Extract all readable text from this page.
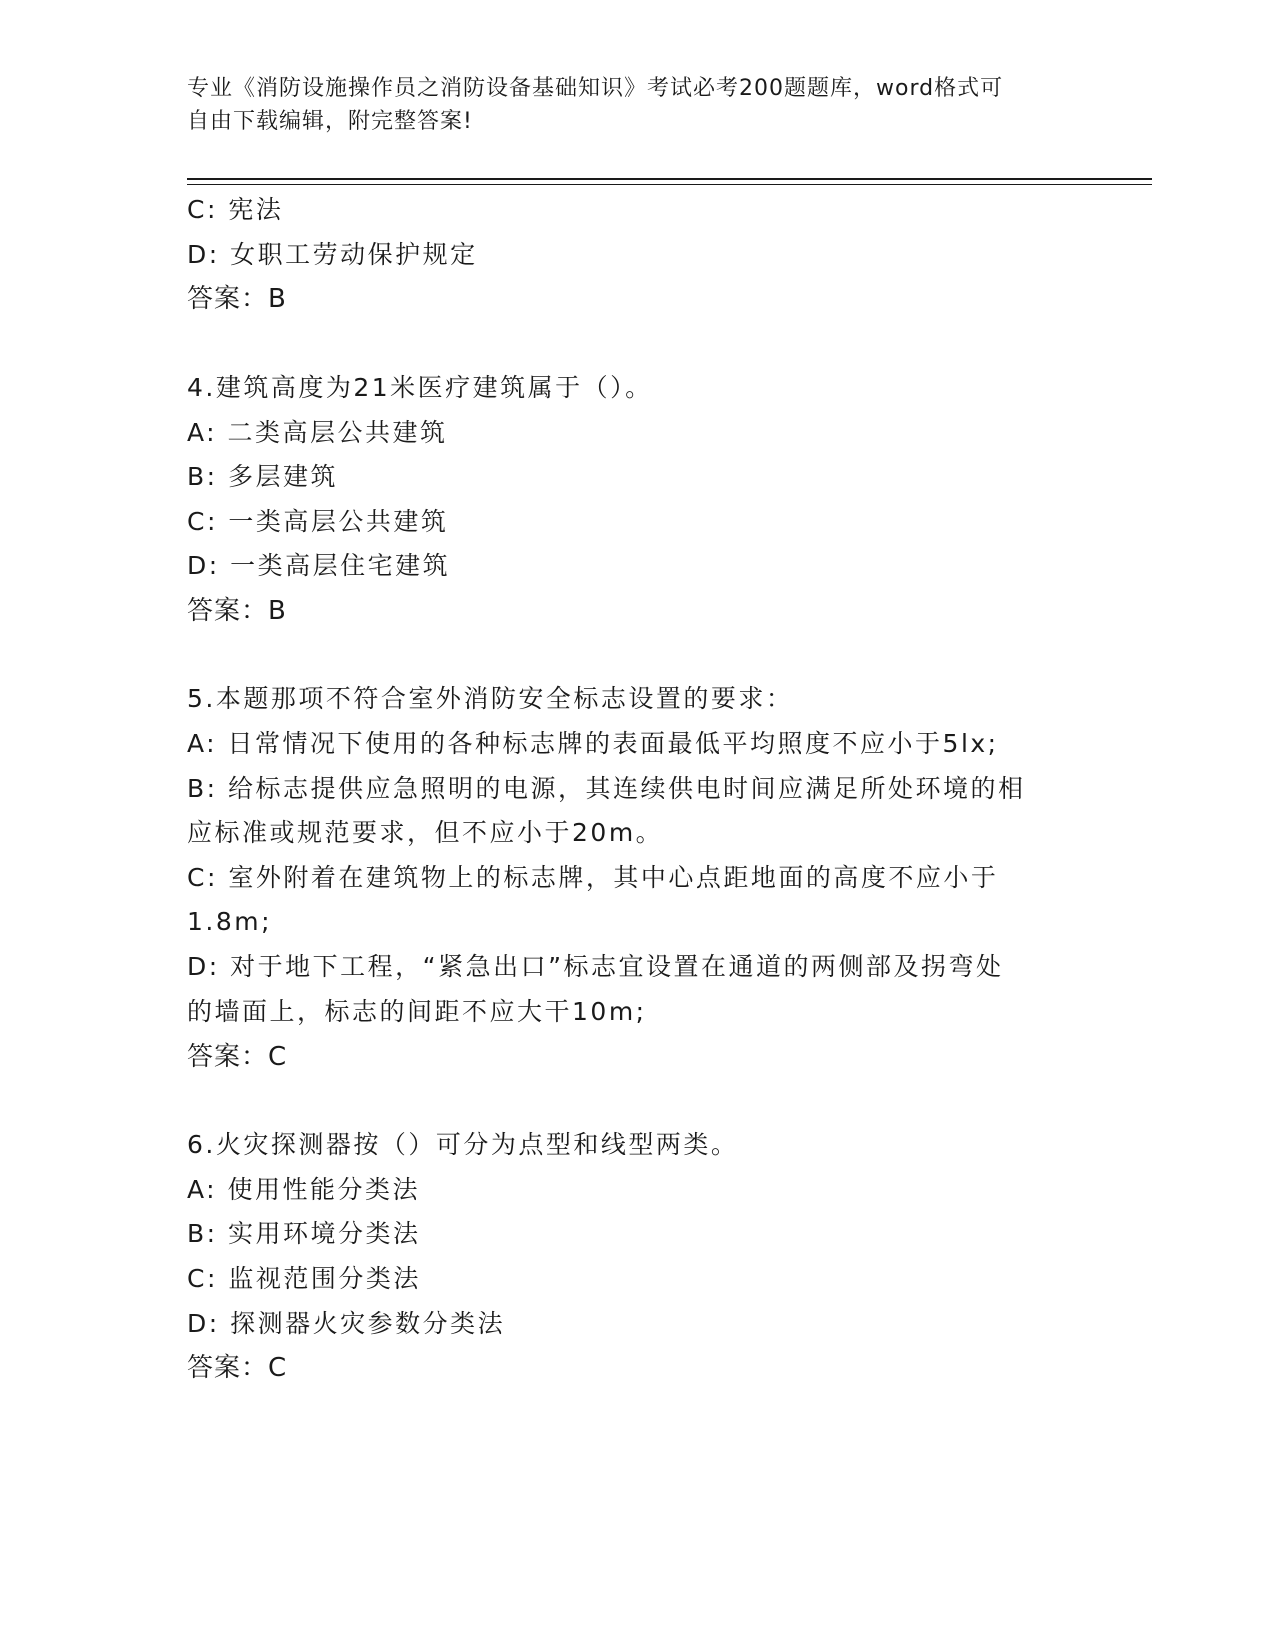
专业《消防设施操作员之消防设备基础知识》考试必考200题题库，word格式可
自由下载编辑，附完整答案!
C: 宪法
D: 女职工劳动保护规定
答案：B
4.建筑高度为21米医疗建筑属于（）。
A: 二类高层公共建筑
B: 多层建筑
C: 一类高层公共建筑
D: 一类高层住宅建筑
答案：B
5.本题那项不符合室外消防安全标志设置的要求：
A: 日常情况下使用的各种标志牌的表面最低平均照度不应小于5lx;
B: 给标志提供应急照明的电源，其连续供电时间应满足所处环境的相
应标准或规范要求，但不应小于20m。
C: 室外附着在建筑物上的标志牌，其中心点距地面的高度不应小于
1.8m;
D: 对于地下工程，“紧急出口”标志宜设置在通道的两侧部及拐弯处
的墙面上，标志的间距不应大干10m;
答案：C
6.火灾探测器按（）可分为点型和线型两类。
A: 使用性能分类法
B: 实用环境分类法
C: 监视范围分类法
D: 探测器火灾参数分类法
答案：C
